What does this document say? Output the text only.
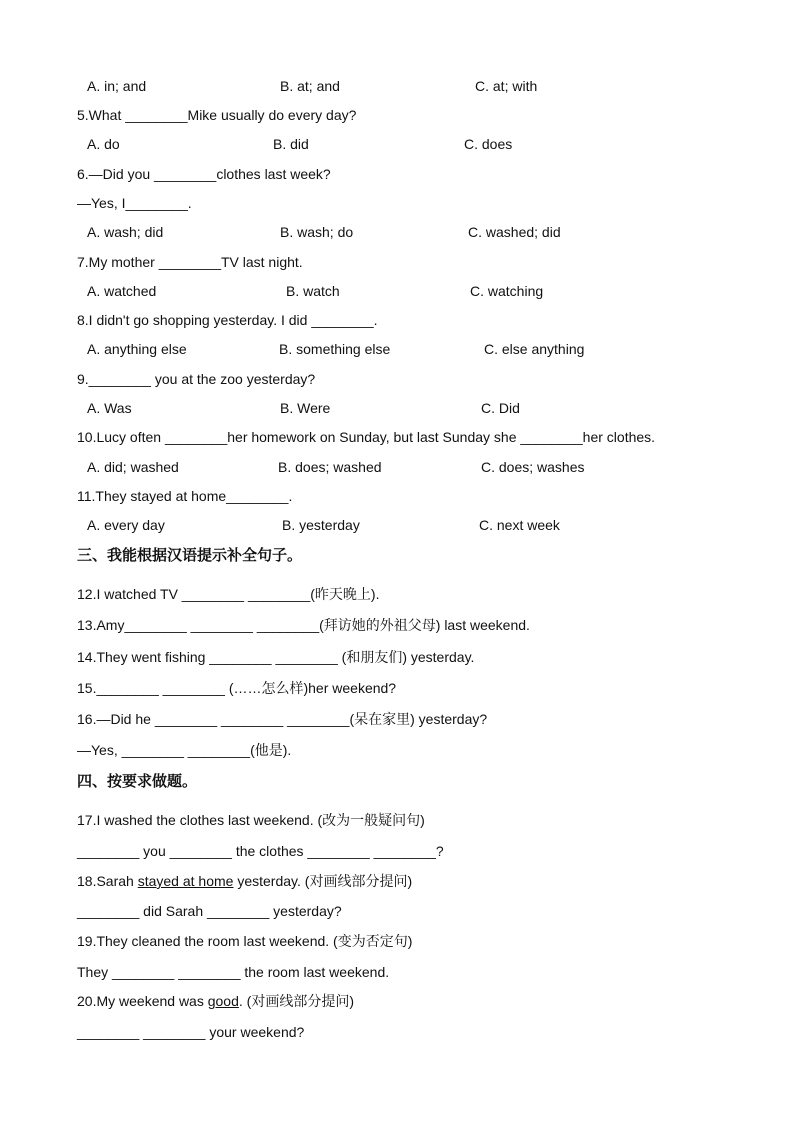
A. in; and	B. at; and	C. at; with
5.What ________Mike usually do every day?
A. do	B. did	C. does
6.—Did you ________clothes last week?
—Yes, I________.
A. wash; did	B. wash; do	C. washed; did
7.My mother ________TV last night.
A. watched	B. watch	C. watching
8.I didn't go shopping yesterday. I did ________.
A. anything else	B. something else	C. else anything
9.________ you at the zoo yesterday?
A. Was	B. Were	C. Did
10.Lucy often ________her homework on Sunday, but last Sunday she ________her clothes.
A. did; washed	B. does; washed	C. does; washes
11.They stayed at home________.
A. every day	B. yesterday	C. next week
三、我能根据汉语提示补全句子。
12.I watched TV ________ ________(昨天晚上).
13.Amy________ ________ ________(拜访她的外祖父母) last weekend.
14.They went fishing ________ ________ (和朋友们) yesterday.
15.________ ________ (……怎么样)her weekend?
16.—Did he ________ ________ ________(呆在家里) yesterday?
—Yes, ________ ________(他是).
四、按要求做题。
17.I washed the clothes last weekend. (改为一般疑问句)
________ you ________ the clothes ________ ________?
18.Sarah stayed at home yesterday. (对画线部分提问)
________ did Sarah ________ yesterday?
19.They cleaned the room last weekend. (变为否定句)
They ________ ________ the room last weekend.
20.My weekend was good. (对画线部分提问)
________ ________ your weekend?
